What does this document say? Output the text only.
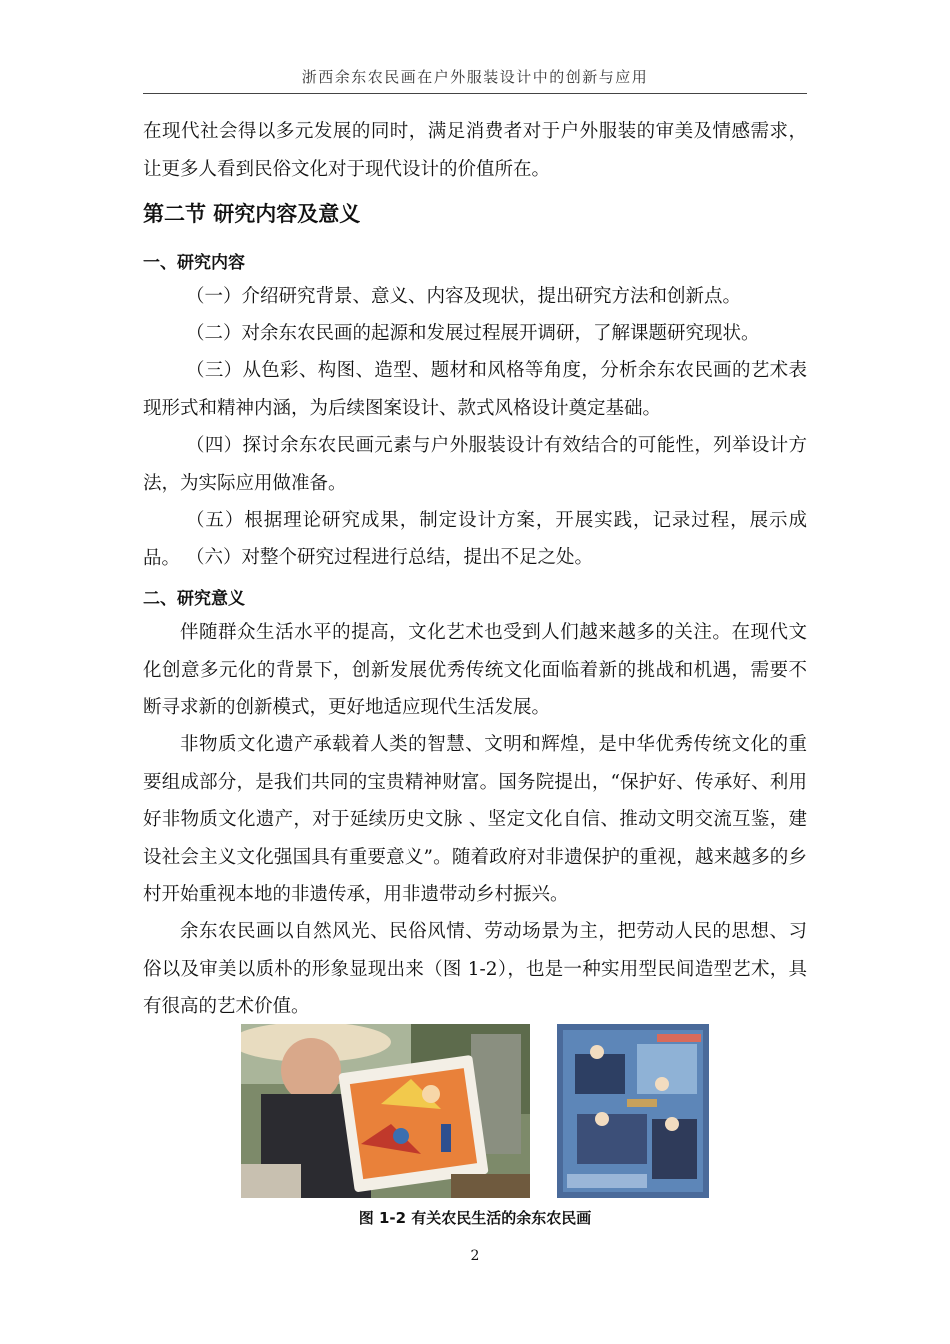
浙西余东农民画在户外服装设计中的创新与应用

在现代社会得以多元发展的同时，满足消费者对于户外服装的审美及情感需求，让更多人看到民俗文化对于现代设计的价值所在。

第二节 研究内容及意义
一、研究内容

（一）介绍研究背景、意义、内容及现状，提出研究方法和创新点。

（二）对余东农民画的起源和发展过程展开调研，了解课题研究现状。

（三）从色彩、构图、造型、题材和风格等角度，分析余东农民画的艺术表现形式和精神内涵，为后续图案设计、款式风格设计奠定基础。

（四）探讨余东农民画元素与户外服装设计有效结合的可能性，列举设计方法，为实际应用做准备。

（五）根据理论研究成果，制定设计方案，开展实践，记录过程，展示成品。 （六）对整个研究过程进行总结，提出不足之处。

二、研究意义

伴随群众生活水平的提高，文化艺术也受到人们越来越多的关注。在现代文化创意多元化的背景下，创新发展优秀传统文化面临着新的挑战和机遇，需要不断寻求新的创新模式，更好地适应现代生活发展。

非物质文化遗产承载着人类的智慧、文明和辉煌，是中华优秀传统文化的重要组成部分，是我们共同的宝贵精神财富。国务院提出，“保护好、传承好、利用好非物质文化遗产，对于延续历史文脉 、坚定文化自信、推动文明交流互鉴，建设社会主义文化强国具有重要意义”。随着政府对非遗保护的重视，越来越多的乡村开始重视本地的非遗传承，用非遗带动乡村振兴。

余东农民画以自然风光、民俗风情、劳动场景为主，把劳动人民的思想、习俗以及审美以质朴的形象显现出来（图 1-2），也是一种实用型民间造型艺术，具有很高的艺术价值。

图 1-2 有关农民生活的余东农民画
2
